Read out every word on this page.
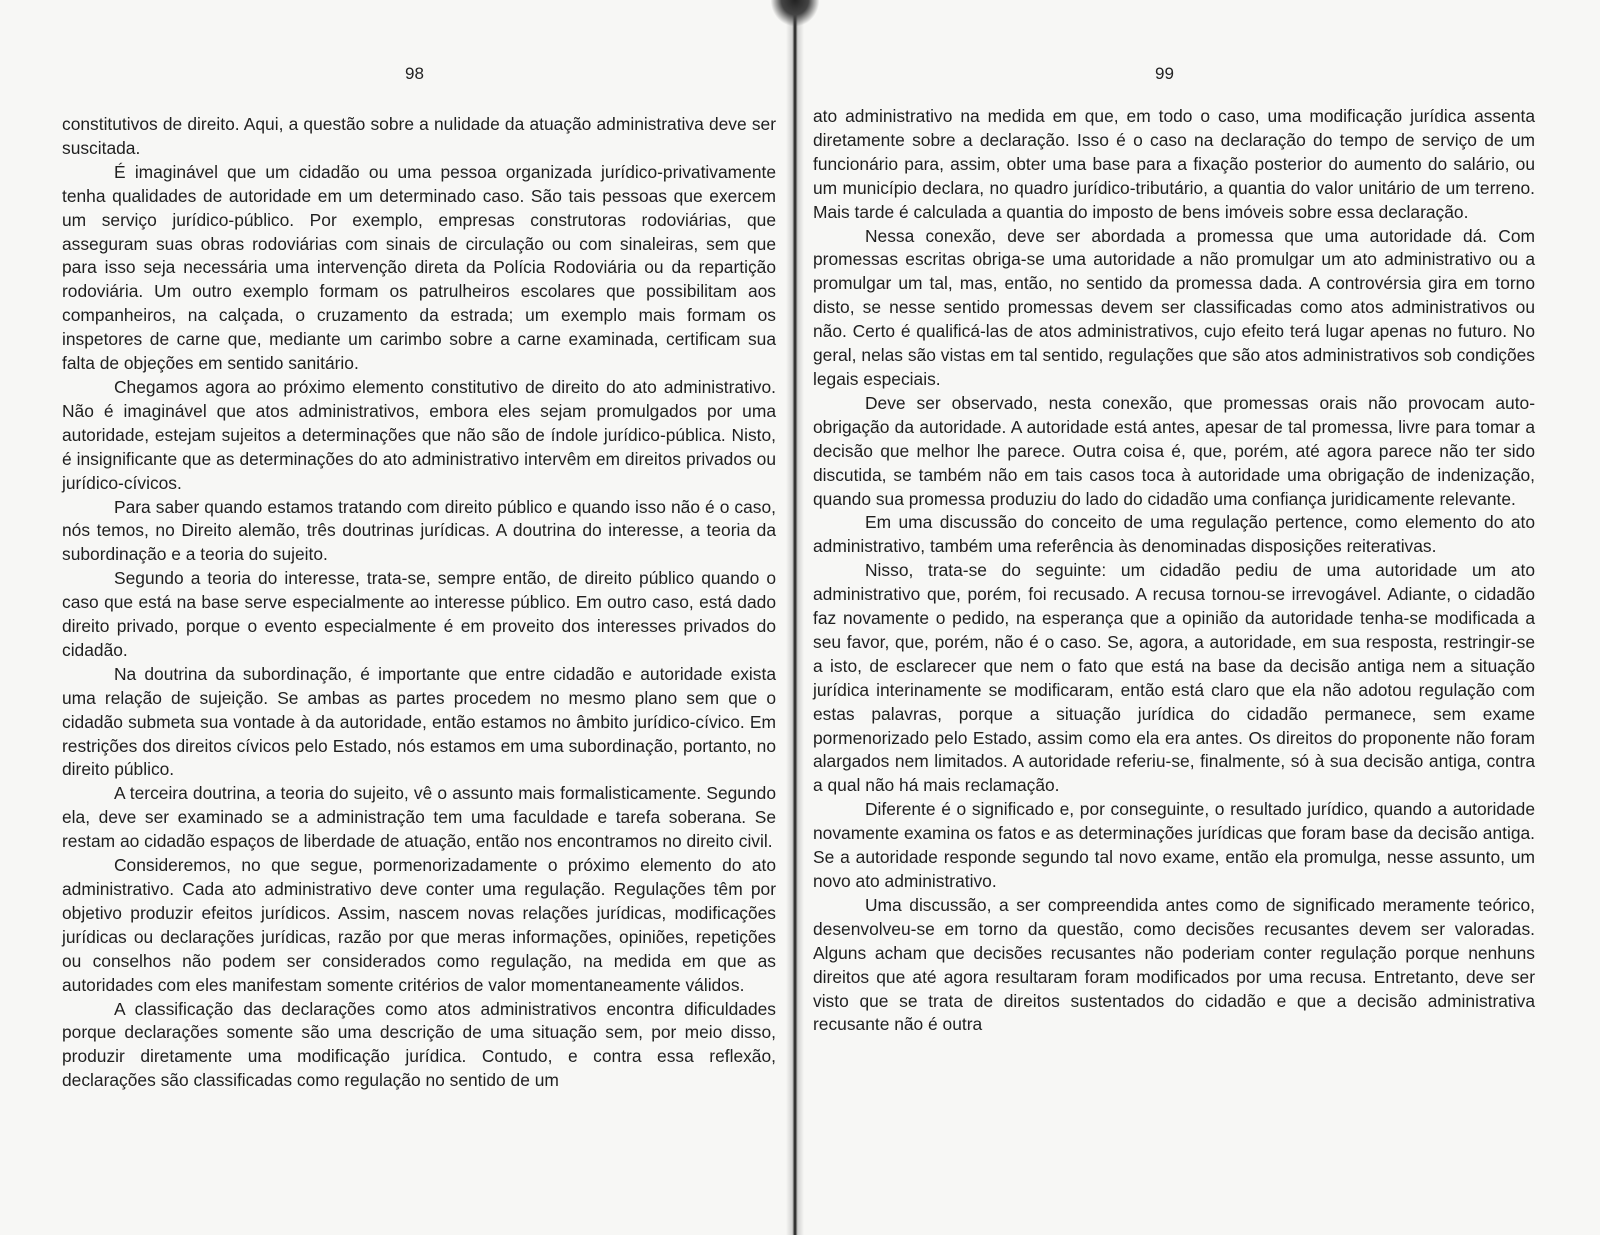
98

constitutivos de direito. Aqui, a questão sobre a nulidade da atuação administrativa deve ser suscitada.

É imaginável que um cidadão ou uma pessoa organizada jurídico-privativamente tenha qualidades de autoridade em um determinado caso. São tais pessoas que exercem um serviço jurídico-público. Por exemplo, empresas construtoras rodoviárias, que asseguram suas obras rodoviárias com sinais de circulação ou com sinaleiras, sem que para isso seja necessária uma intervenção direta da Polícia Rodoviária ou da repartição rodoviária. Um outro exemplo formam os patrulheiros escolares que possibilitam aos companheiros, na calçada, o cruzamento da estrada; um exemplo mais formam os inspetores de carne que, mediante um carimbo sobre a carne examinada, certificam sua falta de objeções em sentido sanitário.

Chegamos agora ao próximo elemento constitutivo de direito do ato administrativo. Não é imaginável que atos administrativos, embora eles sejam promulgados por uma autoridade, estejam sujeitos a determinações que não são de índole jurídico-pública. Nisto, é insignificante que as determinações do ato administrativo intervêm em direitos privados ou jurídico-cívicos.

Para saber quando estamos tratando com direito público e quando isso não é o caso, nós temos, no Direito alemão, três doutrinas jurídicas. A doutrina do interesse, a teoria da subordinação e a teoria do sujeito.

Segundo a teoria do interesse, trata-se, sempre então, de direito público quando o caso que está na base serve especialmente ao interesse público. Em outro caso, está dado direito privado, porque o evento especialmente é em proveito dos interesses privados do cidadão.

Na doutrina da subordinação, é importante que entre cidadão e autoridade exista uma relação de sujeição. Se ambas as partes procedem no mesmo plano sem que o cidadão submeta sua vontade à da autoridade, então estamos no âmbito jurídico-cívico. Em restrições dos direitos cívicos pelo Estado, nós estamos em uma subordinação, portanto, no direito público.

A terceira doutrina, a teoria do sujeito, vê o assunto mais formalisticamente. Segundo ela, deve ser examinado se a administração tem uma faculdade e tarefa soberana. Se restam ao cidadão espaços de liberdade de atuação, então nos encontramos no direito civil.

Consideremos, no que segue, pormenorizadamente o próximo elemento do ato administrativo. Cada ato administrativo deve conter uma regulação. Regulações têm por objetivo produzir efeitos jurídicos. Assim, nascem novas relações jurídicas, modificações jurídicas ou declarações jurídicas, razão por que meras informações, opiniões, repetições ou conselhos não podem ser considerados como regulação, na medida em que as autoridades com eles manifestam somente critérios de valor momentaneamente válidos.

A classificação das declarações como atos administrativos encontra dificuldades porque declarações somente são uma descrição de uma situação sem, por meio disso, produzir diretamente uma modificação jurídica. Contudo, e contra essa reflexão, declarações são classificadas como regulação no sentido de um

99

ato administrativo na medida em que, em todo o caso, uma modificação jurídica assenta diretamente sobre a declaração. Isso é o caso na declaração do tempo de serviço de um funcionário para, assim, obter uma base para a fixação posterior do aumento do salário, ou um município declara, no quadro jurídico-tributário, a quantia do valor unitário de um terreno. Mais tarde é calculada a quantia do imposto de bens imóveis sobre essa declaração.

Nessa conexão, deve ser abordada a promessa que uma autoridade dá. Com promessas escritas obriga-se uma autoridade a não promulgar um ato administrativo ou a promulgar um tal, mas, então, no sentido da promessa dada. A controvérsia gira em torno disto, se nesse sentido promessas devem ser classificadas como atos administrativos ou não. Certo é qualificá-las de atos administrativos, cujo efeito terá lugar apenas no futuro. No geral, nelas são vistas em tal sentido, regulações que são atos administrativos sob condições legais especiais.

Deve ser observado, nesta conexão, que promessas orais não provocam auto-obrigação da autoridade. A autoridade está antes, apesar de tal promessa, livre para tomar a decisão que melhor lhe parece. Outra coisa é, que, porém, até agora parece não ter sido discutida, se também não em tais casos toca à autoridade uma obrigação de indenização, quando sua promessa produziu do lado do cidadão uma confiança juridicamente relevante.

Em uma discussão do conceito de uma regulação pertence, como elemento do ato administrativo, também uma referência às denominadas disposições reiterativas.

Nisso, trata-se do seguinte: um cidadão pediu de uma autoridade um ato administrativo que, porém, foi recusado. A recusa tornou-se irrevogável. Adiante, o cidadão faz novamente o pedido, na esperança que a opinião da autoridade tenha-se modificada a seu favor, que, porém, não é o caso. Se, agora, a autoridade, em sua resposta, restringir-se a isto, de esclarecer que nem o fato que está na base da decisão antiga nem a situação jurídica interinamente se modificaram, então está claro que ela não adotou regulação com estas palavras, porque a situação jurídica do cidadão permanece, sem exame pormenorizado pelo Estado, assim como ela era antes. Os direitos do proponente não foram alargados nem limitados. A autoridade referiu-se, finalmente, só à sua decisão antiga, contra a qual não há mais reclamação.

Diferente é o significado e, por conseguinte, o resultado jurídico, quando a autoridade novamente examina os fatos e as determinações jurídicas que foram base da decisão antiga. Se a autoridade responde segundo tal novo exame, então ela promulga, nesse assunto, um novo ato administrativo.

Uma discussão, a ser compreendida antes como de significado meramente teórico, desenvolveu-se em torno da questão, como decisões recusantes devem ser valoradas. Alguns acham que decisões recusantes não poderiam conter regulação porque nenhuns direitos que até agora resultaram foram modificados por uma recusa. Entretanto, deve ser visto que se trata de direitos sustentados do cidadão e que a decisão administrativa recusante não é outra
